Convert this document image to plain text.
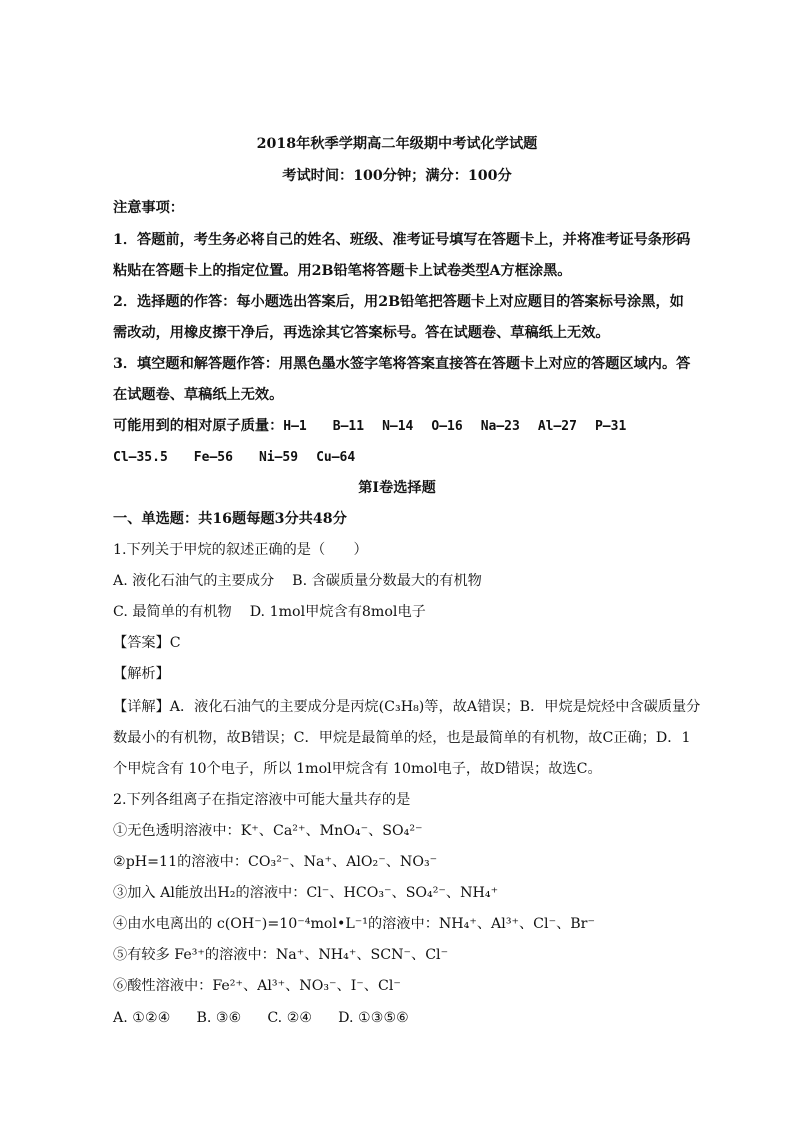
2018年秋季学期高二年级期中考试化学试题
考试时间：100分钟；满分：100分
注意事项：
1．答题前，考生务必将自己的姓名、班级、准考证号填写在答题卡上，并将准考证号条形码
粘贴在答题卡上的指定位置。用2B铅笔将答题卡上试卷类型A方框涂黑。
2．选择题的作答：每小题选出答案后，用2B铅笔把答题卡上对应题目的答案标号涂黑，如
需改动，用橡皮擦干净后，再选涂其它答案标号。答在试题卷、草稿纸上无效。
3．填空题和解答题作答：用黑色墨水签字笔将答案直接答在答题卡上对应的答题区域内。答
在试题卷、草稿纸上无效。
可能用到的相对原子质量：H—1 B—11 N—14 O—16 Na—23 Al—27 P—31
Cl—35.5 Fe—56 Ni—59 Cu—64
第I卷选择题
一、单选题：共16题每题3分共48分
1.下列关于甲烷的叙述正确的是（　　）
A. 液化石油气的主要成分 B. 含碳质量分数最大的有机物
C. 最简单的有机物 D. 1mol甲烷含有8mol电子
【答案】C
【解析】
【详解】A．液化石油气的主要成分是丙烷(C₃H₈)等，故A错误；B．甲烷是烷烃中含碳质量分
数最小的有机物，故B错误；C．甲烷是最简单的烃，也是最简单的有机物，故C正确；D．1
个甲烷含有 10个电子，所以 1mol甲烷含有 10mol电子，故D错误；故选C。
2.下列各组离子在指定溶液中可能大量共存的是
①无色透明溶液中：K⁺、Ca²⁺、MnO₄⁻、SO₄²⁻
②pH=11的溶液中：CO₃²⁻、Na⁺、AlO₂⁻、NO₃⁻
③加入 Al能放出H₂的溶液中：Cl⁻、HCO₃⁻、SO₄²⁻、NH₄⁺
④由水电离出的 c(OH⁻)=10⁻⁴mol•L⁻¹的溶液中：NH₄⁺、Al³⁺、Cl⁻、Br⁻
⑤有较多 Fe³⁺的溶液中：Na⁺、NH₄⁺、SCN⁻、Cl⁻
⑥酸性溶液中：Fe²⁺、Al³⁺、NO₃⁻、I⁻、Cl⁻
A. ①②④ B. ③⑥ C. ②④ D. ①③⑤⑥
